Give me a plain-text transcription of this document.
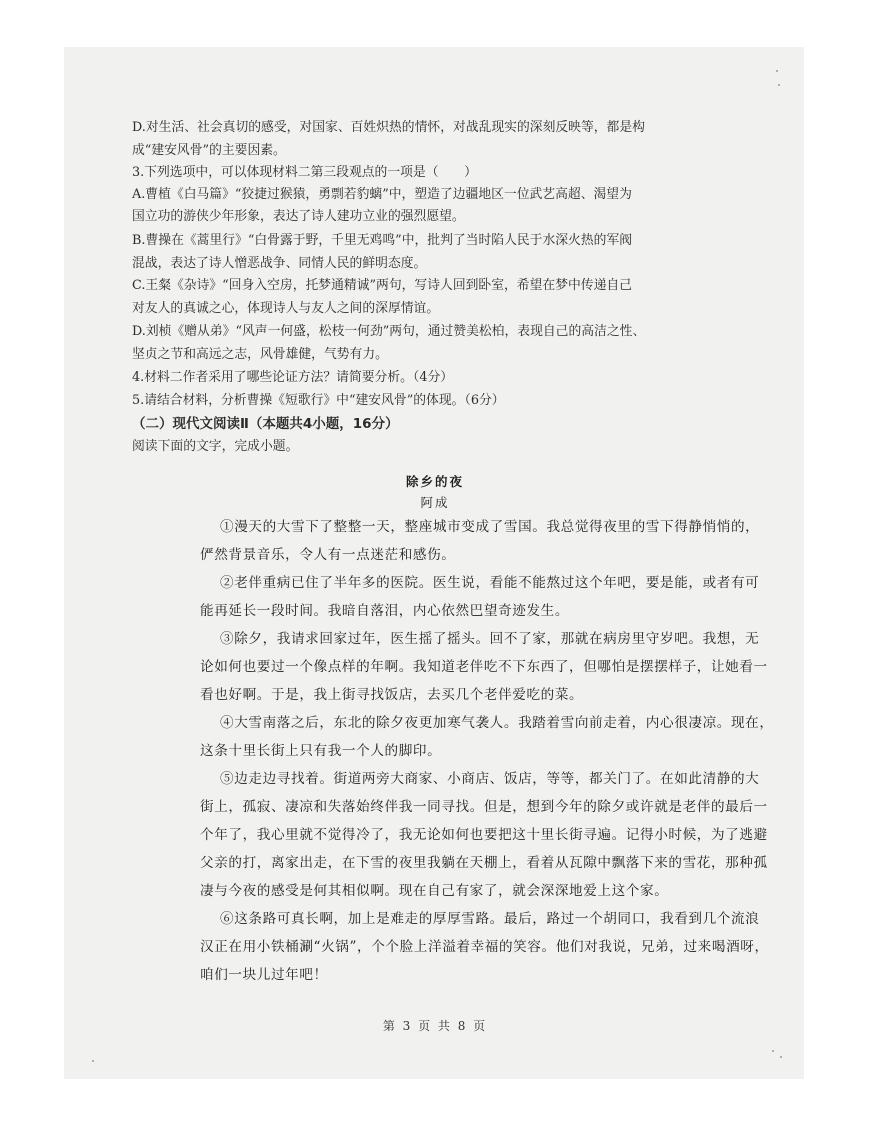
D.对生活、社会真切的感受，对国家、百姓炽热的情怀，对战乱现实的深刻反映等，都是构

成“建安风骨”的主要因素。

3.下列选项中，可以体现材料二第三段观点的一项是（　　）

A.曹植《白马篇》“狡捷过猴猿，勇剽若豹螭”中，塑造了边疆地区一位武艺高超、渴望为

国立功的游侠少年形象，表达了诗人建功立业的强烈愿望。

B.曹操在《蒿里行》“白骨露于野，千里无鸡鸣”中，批判了当时陷人民于水深火热的军阀

混战，表达了诗人憎恶战争、同情人民的鲜明态度。

C.王粲《杂诗》“回身入空房，托梦通精诚”两句，写诗人回到卧室，希望在梦中传递自己

对友人的真诚之心，体现诗人与友人之间的深厚情谊。

D.刘桢《赠从弟》“风声一何盛，松枝一何劲”两句，通过赞美松柏，表现自己的高洁之性、

坚贞之节和高远之志，风骨雄健，气势有力。

4.材料二作者采用了哪些论证方法？请简要分析。（4分）

5.请结合材料，分析曹操《短歌行》中“建安风骨”的体现。（6分）

（二）现代文阅读Ⅱ（本题共4小题，16分）

阅读下面的文字，完成小题。

除乡的夜
阿成

①漫天的大雪下了整整一天，整座城市变成了雪国。我总觉得夜里的雪下得静悄悄的，

俨然背景音乐，令人有一点迷茫和感伤。

②老伴重病已住了半年多的医院。医生说，看能不能熬过这个年吧，要是能，或者有可

能再延长一段时间。我暗自落泪，内心依然巴望奇迹发生。

③除夕，我请求回家过年，医生摇了摇头。回不了家，那就在病房里守岁吧。我想，无

论如何也要过一个像点样的年啊。我知道老伴吃不下东西了，但哪怕是摆摆样子，让她看一

看也好啊。于是，我上街寻找饭店，去买几个老伴爱吃的菜。

④大雪南落之后，东北的除夕夜更加寒气袭人。我踏着雪向前走着，内心很凄凉。现在，

这条十里长街上只有我一个人的脚印。

⑤边走边寻找着。街道两旁大商家、小商店、饭店，等等，都关门了。在如此清静的大

街上，孤寂、凄凉和失落始终伴我一同寻找。但是，想到今年的除夕或许就是老伴的最后一

个年了，我心里就不觉得冷了，我无论如何也要把这十里长街寻遍。记得小时候，为了逃避

父亲的打，离家出走，在下雪的夜里我躺在天棚上，看着从瓦隙中飘落下来的雪花，那种孤

凄与今夜的感受是何其相似啊。现在自己有家了，就会深深地爱上这个家。

⑥这条路可真长啊，加上是难走的厚厚雪路。最后，路过一个胡同口，我看到几个流浪

汉正在用小铁桶涮“火锅”，个个脸上洋溢着幸福的笑容。他们对我说，兄弟，过来喝酒呀，

咱们一块儿过年吧！

第 3 页 共 8 页
